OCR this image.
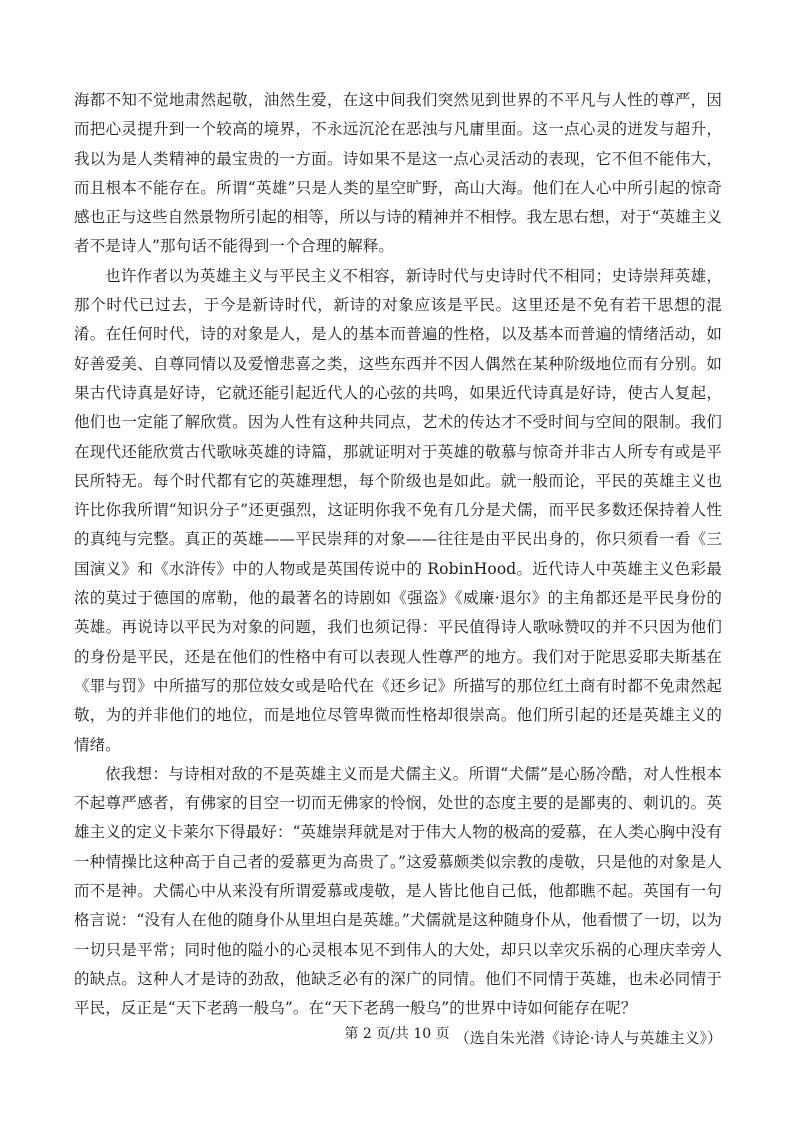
海都不知不觉地肃然起敬，油然生爱，在这中间我们突然见到世界的不平凡与人性的尊严，因而把心灵提升到一个较高的境界，不永远沉沦在恶浊与凡庸里面。这一点心灵的迸发与超升，我以为是人类精神的最宝贵的一方面。诗如果不是这一点心灵活动的表现，它不但不能伟大，而且根本不能存在。所谓“英雄”只是人类的星空旷野，高山大海。他们在人心中所引起的惊奇感也正与这些自然景物所引起的相等，所以与诗的精神并不相悖。我左思右想，对于“英雄主义者不是诗人”那句话不能得到一个合理的解释。

也许作者以为英雄主义与平民主义不相容，新诗时代与史诗时代不相同；史诗崇拜英雄，那个时代已过去，于今是新诗时代，新诗的对象应该是平民。这里还是不免有若干思想的混淆。在任何时代，诗的对象是人，是人的基本而普遍的性格，以及基本而普遍的情绪活动，如好善爱美、自尊同情以及爱憎悲喜之类，这些东西并不因人偶然在某种阶级地位而有分别。如果古代诗真是好诗，它就还能引起近代人的心弦的共鸣，如果近代诗真是好诗，使古人复起，他们也一定能了解欣赏。因为人性有这种共同点，艺术的传达才不受时间与空间的限制。我们在现代还能欣赏古代歌咏英雄的诗篇，那就证明对于英雄的敬慕与惊奇并非古人所专有或是平民所特无。每个时代都有它的英雄理想，每个阶级也是如此。就一般而论，平民的英雄主义也许比你我所谓“知识分子”还更强烈，这证明你我不免有几分是犬儒，而平民多数还保持着人性的真纯与完整。真正的英雄——平民崇拜的对象——往往是由平民出身的，你只须看一看《三国演义》和《水浒传》中的人物或是英国传说中的 RobinHood。近代诗人中英雄主义色彩最浓的莫过于德国的席勒，他的最著名的诗剧如《强盗》《威廉·退尔》的主角都还是平民身份的英雄。再说诗以平民为对象的问题，我们也须记得：平民值得诗人歌咏赞叹的并不只因为他们的身份是平民，还是在他们的性格中有可以表现人性尊严的地方。我们对于陀思妥耶夫斯基在《罪与罚》中所描写的那位妓女或是哈代在《还乡记》所描写的那位红土商有时都不免肃然起敬，为的并非他们的地位，而是地位尽管卑微而性格却很崇高。他们所引起的还是英雄主义的情绪。

依我想：与诗相对敌的不是英雄主义而是犬儒主义。所谓“犬儒”是心肠冷酷，对人性根本不起尊严感者，有佛家的目空一切而无佛家的怜悯，处世的态度主要的是鄙夷的、刺讥的。英雄主义的定义卡莱尔下得最好：“英雄崇拜就是对于伟大人物的极高的爱慕，在人类心胸中没有一种情操比这种高于自己者的爱慕更为高贵了。”这爱慕颇类似宗教的虔敬，只是他的对象是人而不是神。犬儒心中从来没有所谓爱慕或虔敬，是人皆比他自己低，他都瞧不起。英国有一句格言说：“没有人在他的随身仆从里坦白是英雄。”犬儒就是这种随身仆从，他看惯了一切，以为一切只是平常；同时他的隘小的心灵根本见不到伟人的大处，却只以幸灾乐祸的心理庆幸旁人的缺点。这种人才是诗的劲敌，他缺乏必有的深广的同情。他们不同情于英雄，也未必同情于平民，反正是“天下老鸹一般乌”。在“天下老鸹一般乌”的世界中诗如何能存在呢？

（选自朱光潜《诗论·诗人与英雄主义》）

第 2 页/共 10 页
